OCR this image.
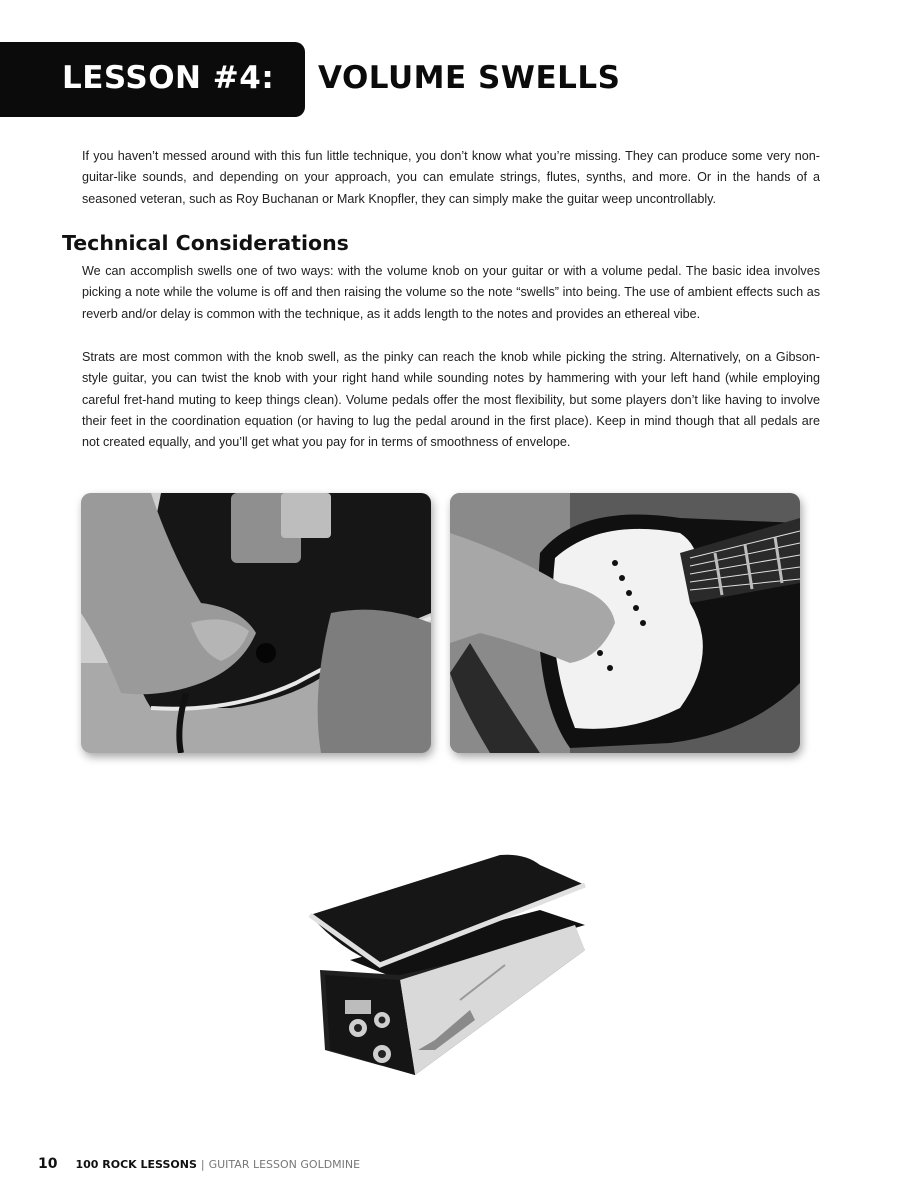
LESSON #4: VOLUME SWELLS

If you haven’t messed around with this fun little technique, you don’t know what you’re missing. They can produce some very non-guitar-like sounds, and depending on your approach, you can emulate strings, flutes, synths, and more. Or in the hands of a seasoned veteran, such as Roy Buchanan or Mark Knopfler, they can simply make the guitar weep uncontrollably.

Technical Considerations

We can accomplish swells one of two ways: with the volume knob on your guitar or with a volume pedal. The basic idea involves picking a note while the volume is off and then raising the volume so the note “swells” into being. The use of ambient effects such as reverb and/or delay is common with the technique, as it adds length to the notes and provides an ethereal vibe.

Strats are most common with the knob swell, as the pinky can reach the knob while picking the string. Alternatively, on a Gibson-style guitar, you can twist the knob with your right hand while sounding notes by hammering with your left hand (while employing careful fret-hand muting to keep things clean). Volume pedals offer the most flexibility, but some players don’t like having to involve their feet in the coordination equation (or having to lug the pedal around in the first place). Keep in mind though that all pedals are not created equally, and you’ll get what you pay for in terms of smoothness of envelope.

10 100 ROCK LESSONS | GUITAR LESSON GOLDMINE
